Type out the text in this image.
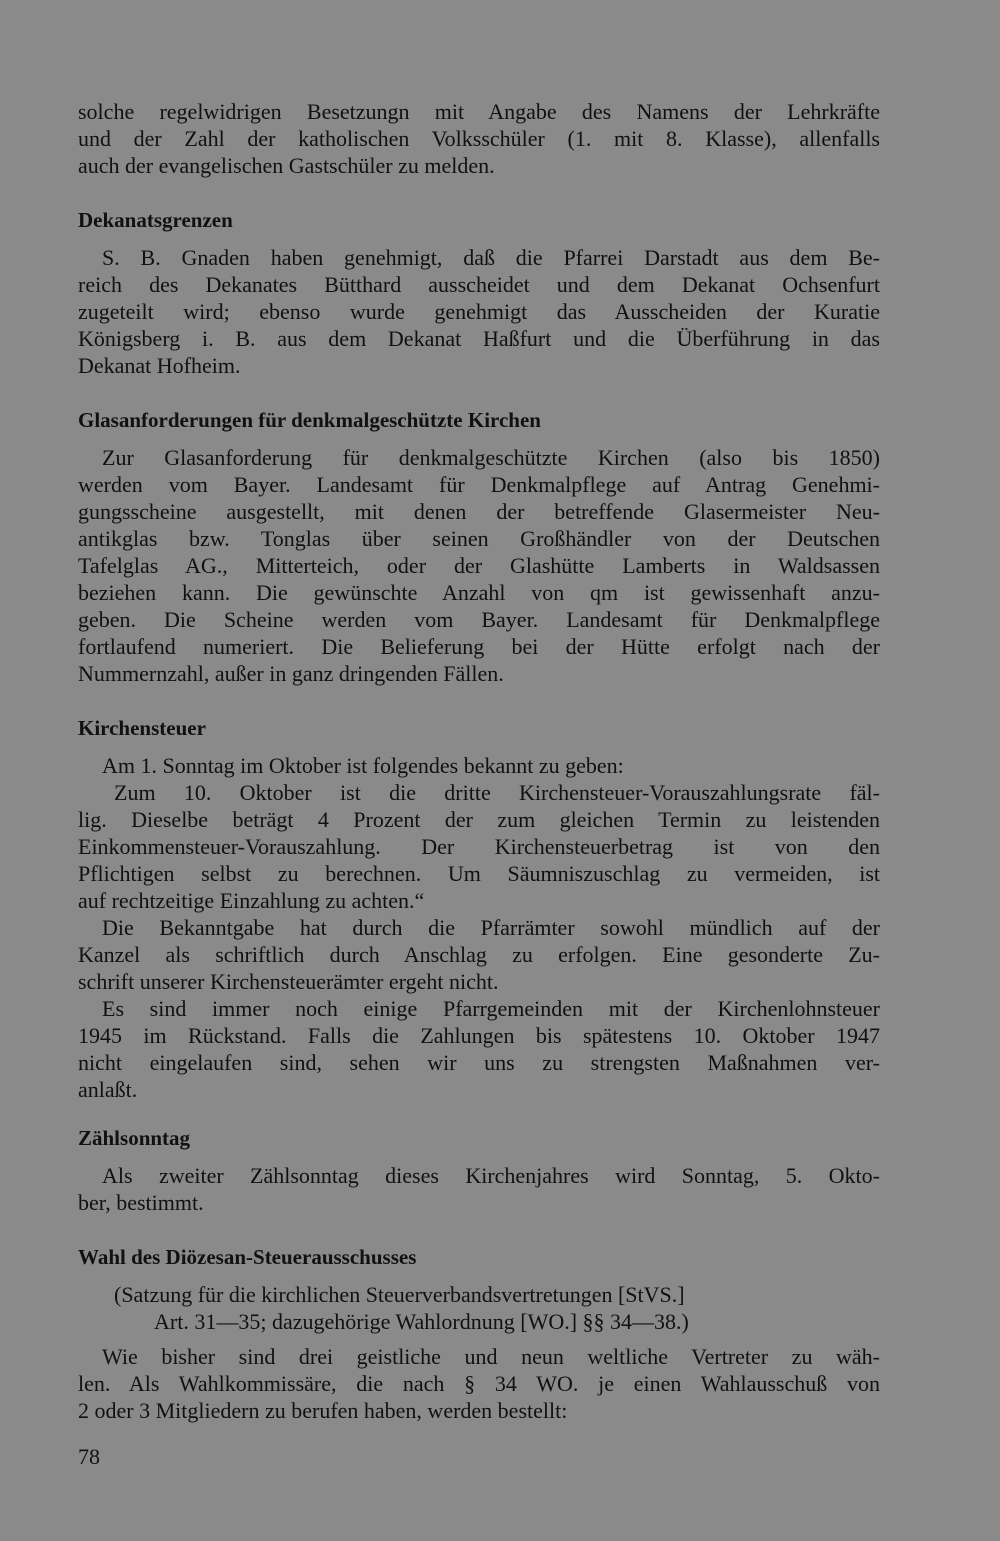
solche regelwidrigen Besetzungn mit Angabe des Namens der Lehrkräfte
und der Zahl der katholischen Volksschüler (1. mit 8. Klasse), allenfalls
auch der evangelischen Gastschüler zu melden.
Dekanatsgrenzen
S. B. Gnaden haben genehmigt, daß die Pfarrei Darstadt aus dem Be-
reich des Dekanates Bütthard ausscheidet und dem Dekanat Ochsenfurt
zugeteilt wird; ebenso wurde genehmigt das Ausscheiden der Kuratie
Königsberg i. B. aus dem Dekanat Haßfurt und die Überführung in das
Dekanat Hofheim.
Glasanforderungen für denkmalgeschützte Kirchen
Zur Glasanforderung für denkmalgeschützte Kirchen (also bis 1850)
werden vom Bayer. Landesamt für Denkmalpflege auf Antrag Genehmi-
gungsscheine ausgestellt, mit denen der betreffende Glasermeister Neu-
antikglas bzw. Tonglas über seinen Großhändler von der Deutschen
Tafelglas AG., Mitterteich, oder der Glashütte Lamberts in Waldsassen
beziehen kann. Die gewünschte Anzahl von qm ist gewissenhaft anzu-
geben. Die Scheine werden vom Bayer. Landesamt für Denkmalpflege
fortlaufend numeriert. Die Belieferung bei der Hütte erfolgt nach der
Nummernzahl, außer in ganz dringenden Fällen.
Kirchensteuer
Am 1. Sonntag im Oktober ist folgendes bekannt zu geben:
Zum 10. Oktober ist die dritte Kirchensteuer-Vorauszahlungsrate fäl-
lig. Dieselbe beträgt 4 Prozent der zum gleichen Termin zu leistenden
Einkommensteuer-Vorauszahlung. Der Kirchensteuerbetrag ist von den
Pflichtigen selbst zu berechnen. Um Säumniszuschlag zu vermeiden, ist
auf rechtzeitige Einzahlung zu achten.“
Die Bekanntgabe hat durch die Pfarrämter sowohl mündlich auf der
Kanzel als schriftlich durch Anschlag zu erfolgen. Eine gesonderte Zu-
schrift unserer Kirchensteuerämter ergeht nicht.
Es sind immer noch einige Pfarrgemeinden mit der Kirchenlohnsteuer
1945 im Rückstand. Falls die Zahlungen bis spätestens 10. Oktober 1947
nicht eingelaufen sind, sehen wir uns zu strengsten Maßnahmen ver-
anlaßt.
Zählsonntag
Als zweiter Zählsonntag dieses Kirchenjahres wird Sonntag, 5. Okto-
ber, bestimmt.
Wahl des Diözesan-Steuerausschusses
(Satzung für die kirchlichen Steuerverbandsvertretungen [StVS.]
Art. 31—35; dazugehörige Wahlordnung [WO.] §§ 34—38.)
Wie bisher sind drei geistliche und neun weltliche Vertreter zu wäh-
len. Als Wahlkommissäre, die nach § 34 WO. je einen Wahlausschuß von
2 oder 3 Mitgliedern zu berufen haben, werden bestellt:
78
